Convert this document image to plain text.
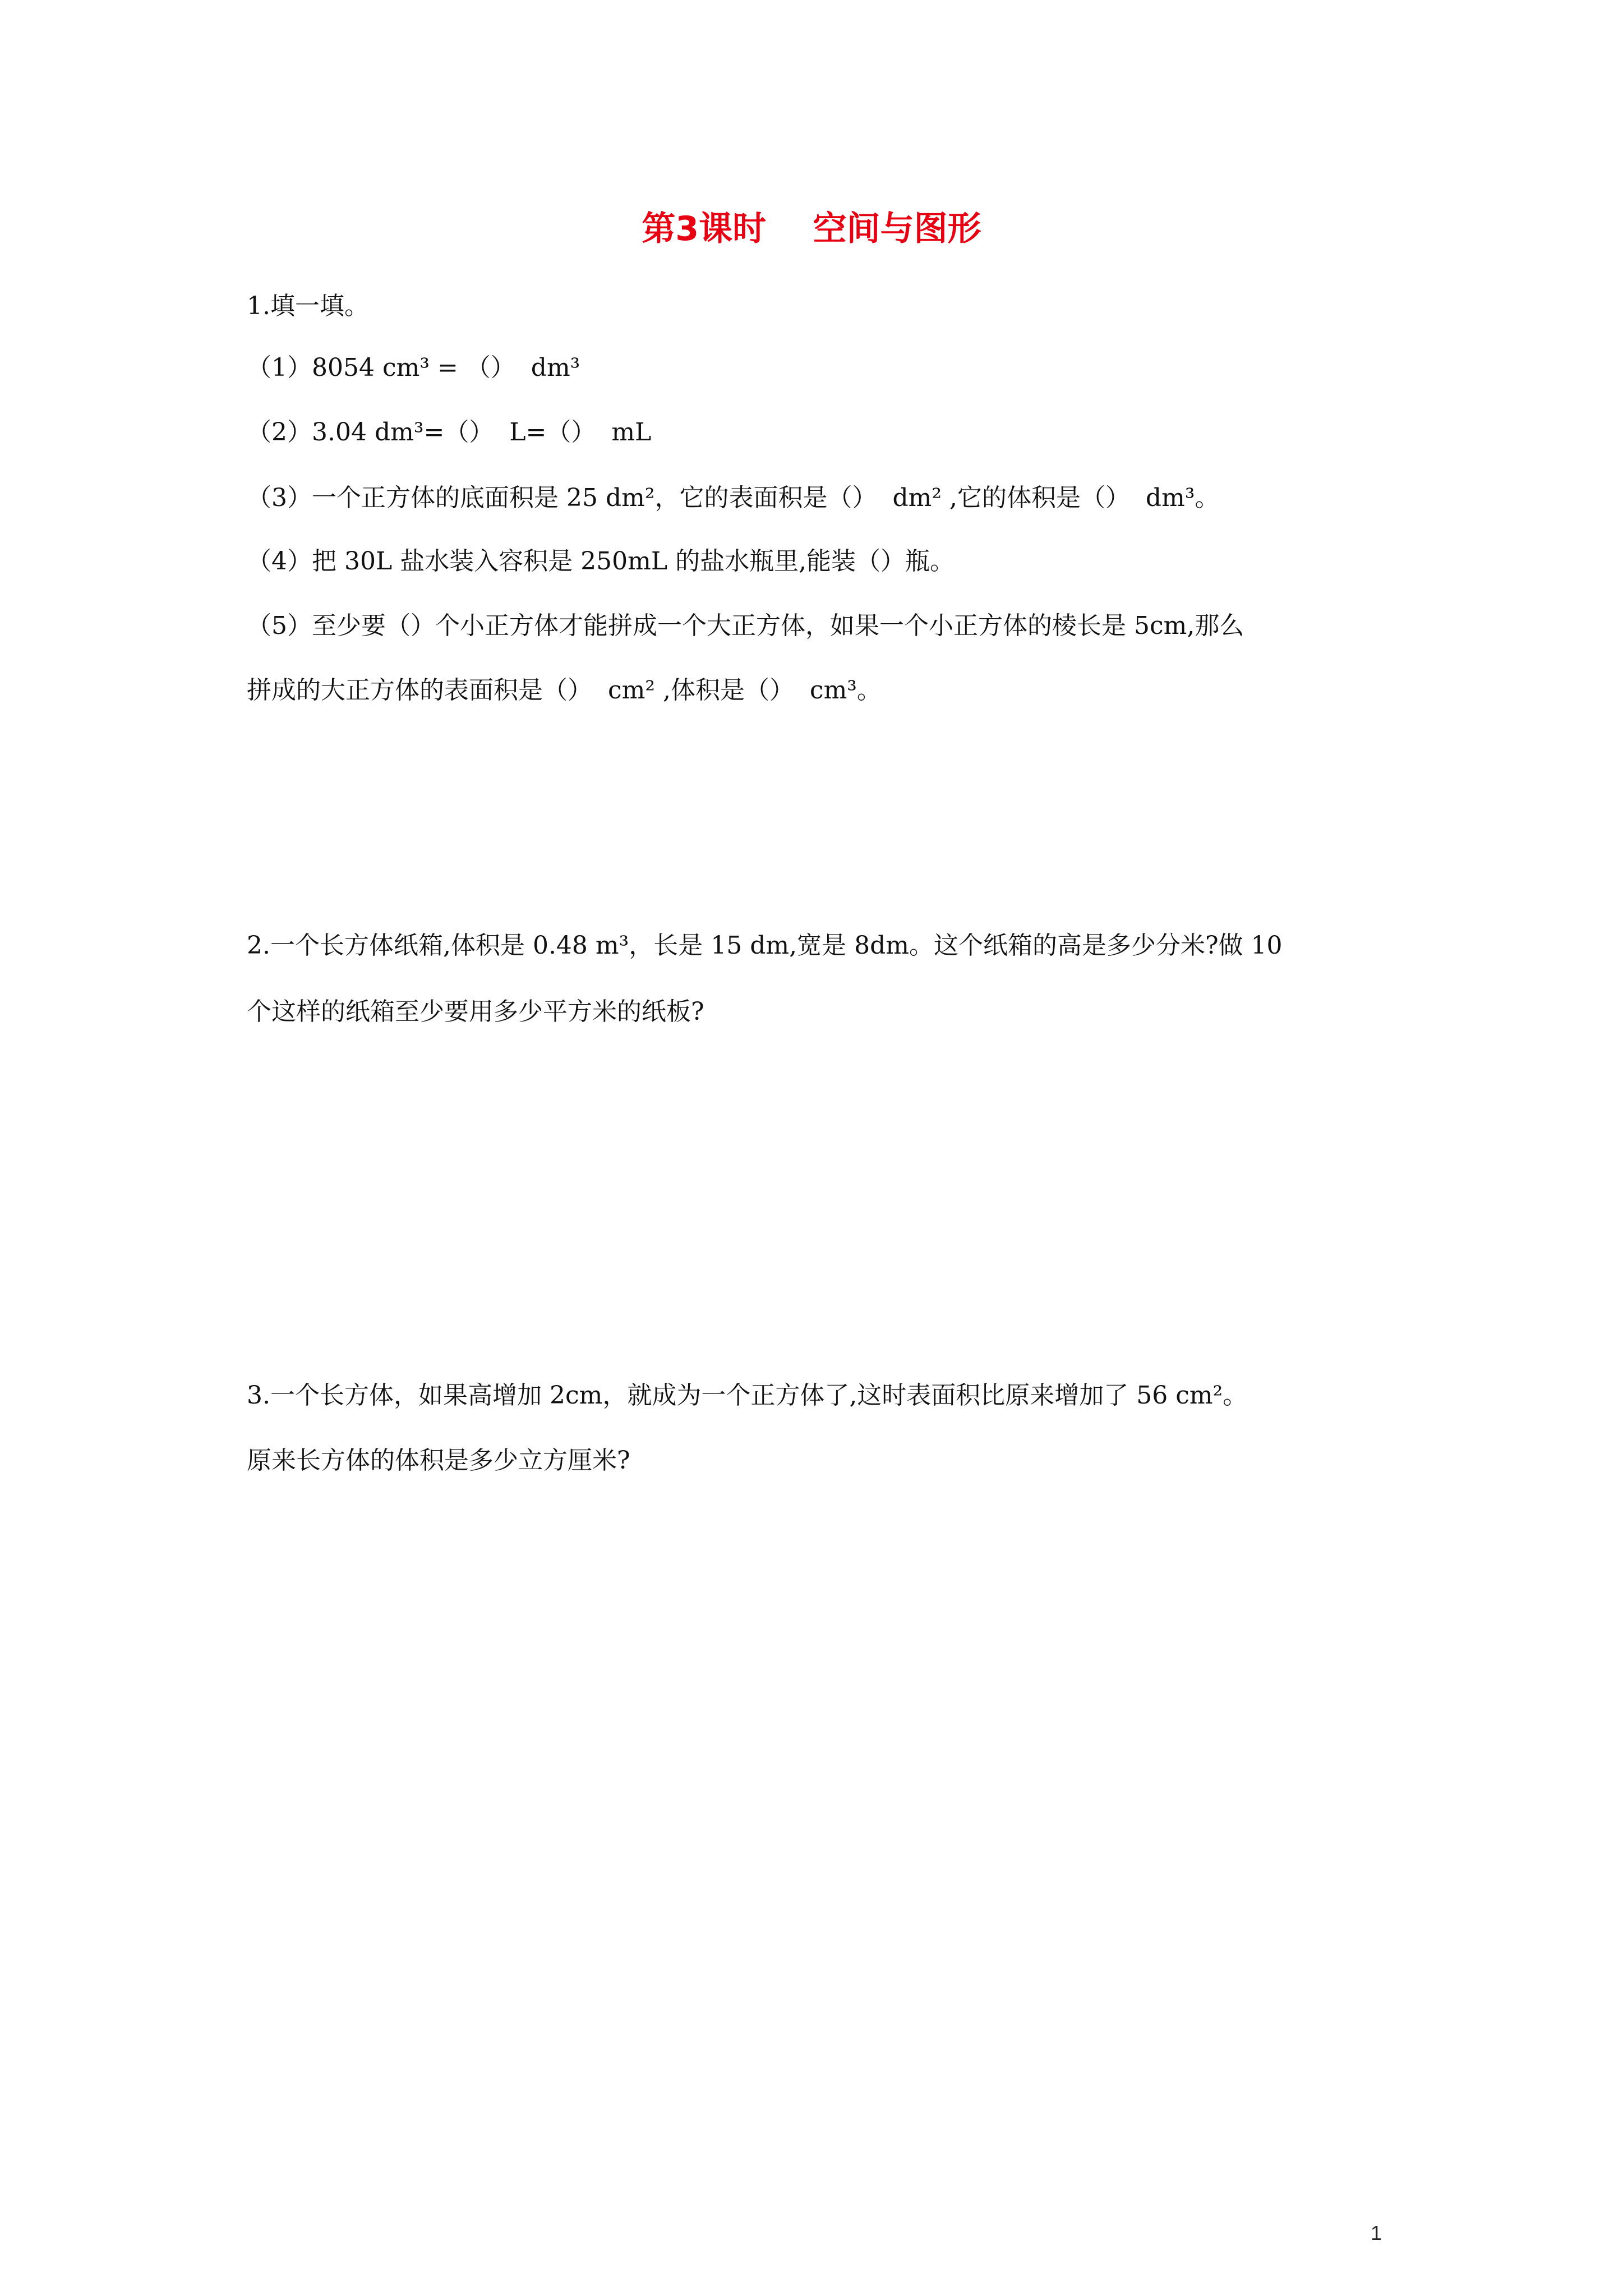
第3课时    空间与图形
1.填一填。
（1）8054 cm³ = （）  dm³
（2）3.04 dm³=（）  L=（）  mL
（3）一个正方体的底面积是 25 dm²，它的表面积是（）  dm² ,它的体积是（）  dm³。
（4）把 30L 盐水装入容积是 250mL 的盐水瓶里,能装（）瓶。
（5）至少要（）个小正方体才能拼成一个大正方体，如果一个小正方体的棱长是 5cm,那么
拼成的大正方体的表面积是（）  cm² ,体积是（）  cm³。
2.一个长方体纸箱,体积是 0.48 m³，长是 15 dm,宽是 8dm。这个纸箱的高是多少分米?做 10
个这样的纸箱至少要用多少平方米的纸板?
3.一个长方体，如果高增加 2cm，就成为一个正方体了,这时表面积比原来增加了 56 cm²。
原来长方体的体积是多少立方厘米?
1
